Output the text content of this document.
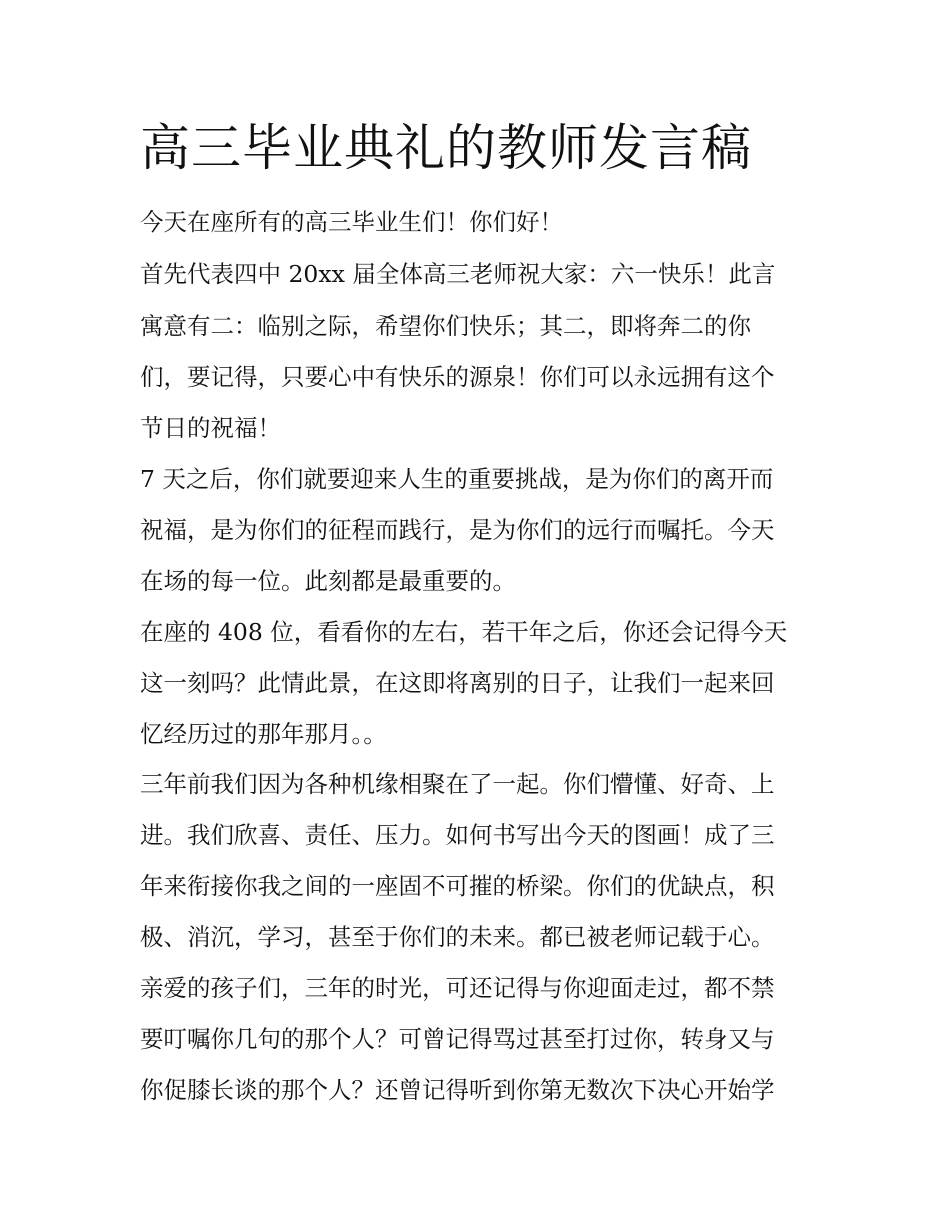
高三毕业典礼的教师发言稿

今天在座所有的高三毕业生们！你们好！

首先代表四中 20xx 届全体高三老师祝大家：六一快乐！此言

寓意有二：临别之际，希望你们快乐；其二，即将奔二的你

们，要记得，只要心中有快乐的源泉！你们可以永远拥有这个

节日的祝福！

7 天之后，你们就要迎来人生的重要挑战，是为你们的离开而

祝福，是为你们的征程而践行，是为你们的远行而嘱托。今天

在场的每一位。此刻都是最重要的。

在座的 408 位，看看你的左右，若干年之后，你还会记得今天

这一刻吗？此情此景，在这即将离别的日子，让我们一起来回

忆经历过的那年那月。。

三年前我们因为各种机缘相聚在了一起。你们懵懂、好奇、上

进。我们欣喜、责任、压力。如何书写出今天的图画！成了三

年来衔接你我之间的一座固不可摧的桥梁。你们的优缺点，积

极、消沉，学习，甚至于你们的未来。都已被老师记载于心。

亲爱的孩子们，三年的时光，可还记得与你迎面走过，都不禁

要叮嘱你几句的那个人？可曾记得骂过甚至打过你，转身又与

你促膝长谈的那个人？还曾记得听到你第无数次下决心开始学
